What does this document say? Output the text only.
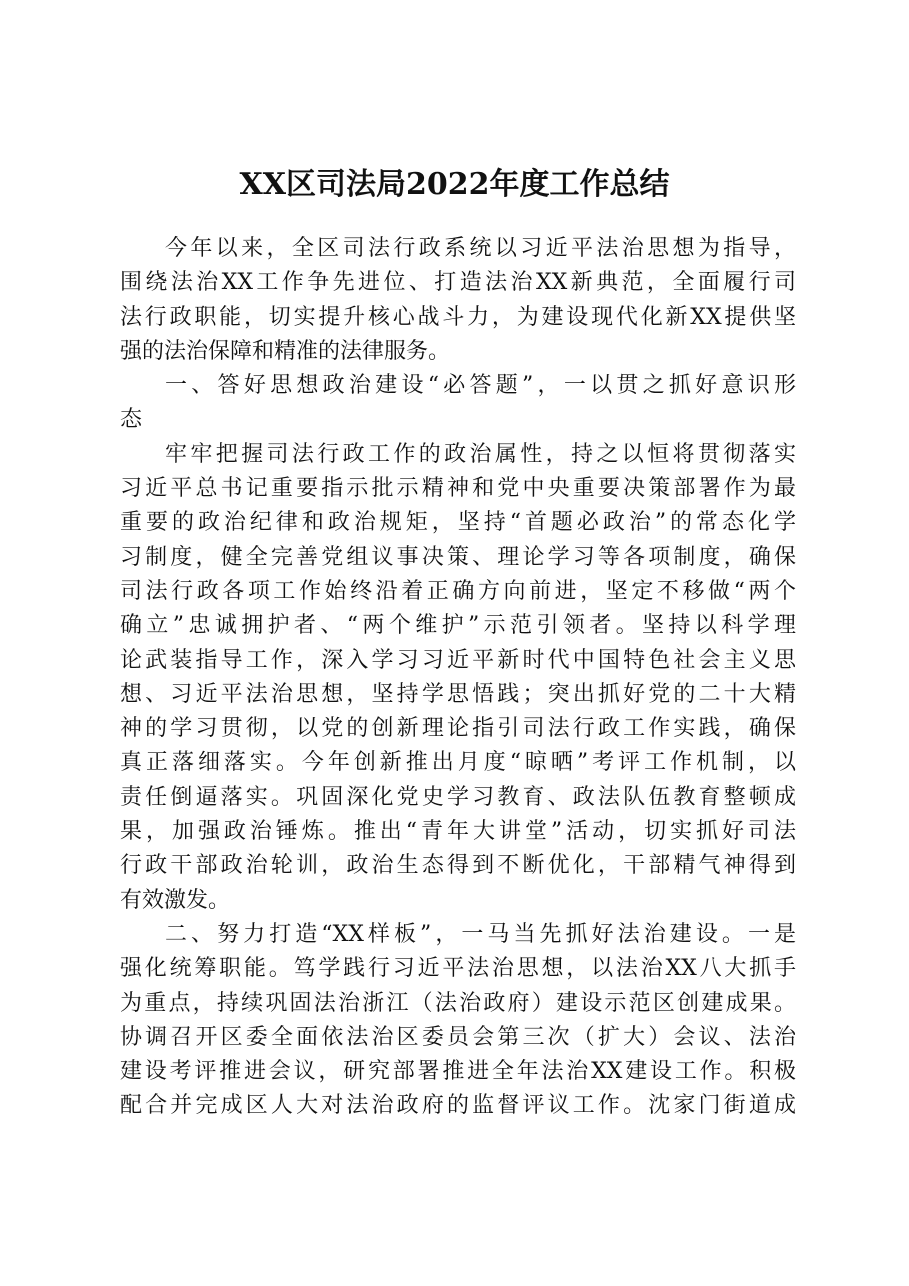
XX区司法局2022年度工作总结
今年以来，全区司法行政系统以习近平法治思想为指导，
围绕法治XX工作争先进位、打造法治XX新典范，全面履行司
法行政职能，切实提升核心战斗力，为建设现代化新XX提供坚
强的法治保障和精准的法律服务。
一、答好思想政治建设“必答题”，一以贯之抓好意识形
态
牢牢把握司法行政工作的政治属性，持之以恒将贯彻落实
习近平总书记重要指示批示精神和党中央重要决策部署作为最
重要的政治纪律和政治规矩，坚持“首题必政治”的常态化学
习制度，健全完善党组议事决策、理论学习等各项制度，确保
司法行政各项工作始终沿着正确方向前进，坚定不移做“两个
确立”忠诚拥护者、“两个维护”示范引领者。坚持以科学理
论武装指导工作，深入学习习近平新时代中国特色社会主义思
想、习近平法治思想，坚持学思悟践；突出抓好党的二十大精
神的学习贯彻，以党的创新理论指引司法行政工作实践，确保
真正落细落实。今年创新推出月度“晾晒”考评工作机制，以
责任倒逼落实。巩固深化党史学习教育、政法队伍教育整顿成
果，加强政治锤炼。推出“青年大讲堂”活动，切实抓好司法
行政干部政治轮训，政治生态得到不断优化，干部精气神得到
有效激发。
二、努力打造“XX样板”，一马当先抓好法治建设。一是
强化统筹职能。笃学践行习近平法治思想，以法治XX八大抓手
为重点，持续巩固法治浙江（法治政府）建设示范区创建成果。
协调召开区委全面依法治区委员会第三次（扩大）会议、法治
建设考评推进会议，研究部署推进全年法治XX建设工作。积极
配合并完成区人大对法治政府的监督评议工作。沈家门街道成
